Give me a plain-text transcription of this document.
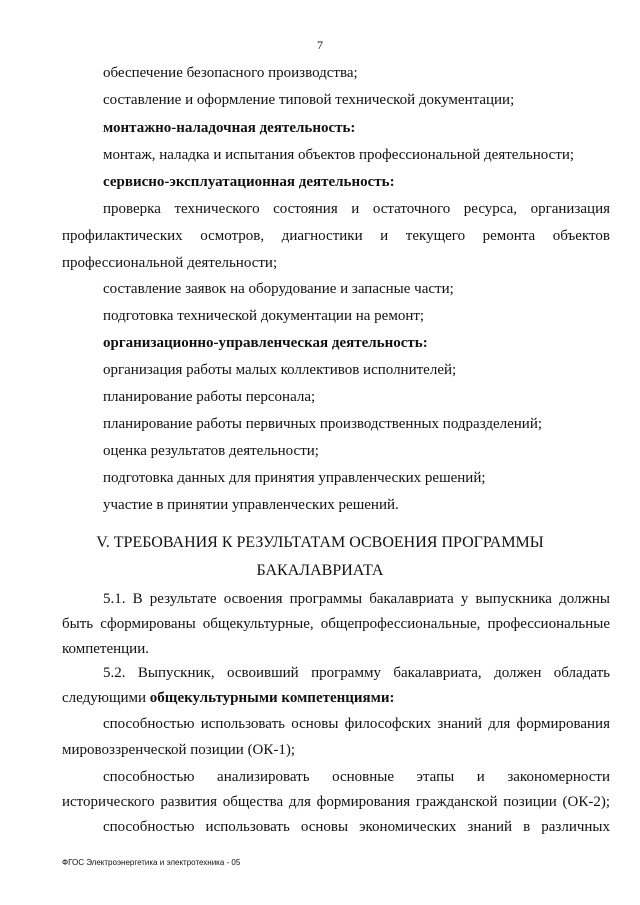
7
обеспечение безопасного производства;
составление и оформление типовой технической документации;
монтажно-наладочная деятельность:
монтаж, наладка и испытания объектов профессиональной деятельности;
сервисно-эксплуатационная деятельность:
проверка технического состояния и остаточного ресурса, организация
профилактических осмотров, диагностики и текущего ремонта объектов
профессиональной деятельности;
составление заявок на оборудование и запасные части;
подготовка технической документации на ремонт;
организационно-управленческая деятельность:
организация работы малых коллективов исполнителей;
планирование работы персонала;
планирование работы первичных производственных подразделений;
оценка результатов деятельности;
подготовка данных для принятия управленческих решений;
участие в принятии управленческих решений.
V. ТРЕБОВАНИЯ К РЕЗУЛЬТАТАМ ОСВОЕНИЯ ПРОГРАММЫ
БАКАЛАВРИАТА
5.1. В результате освоения программы бакалавриата у выпускника должны
быть сформированы общекультурные, общепрофессиональные, профессиональные
компетенции.
5.2. Выпускник, освоивший программу бакалавриата, должен обладать
следующими общекультурными компетенциями:
способностью использовать основы философских знаний для формирования
мировоззренческой позиции (ОК-1);
способностью анализировать основные этапы и закономерности
исторического развития общества для формирования гражданской позиции (ОК-2);
способностью использовать основы экономических знаний в различных
ФГОС Электроэнергетика и электротехника - 05
